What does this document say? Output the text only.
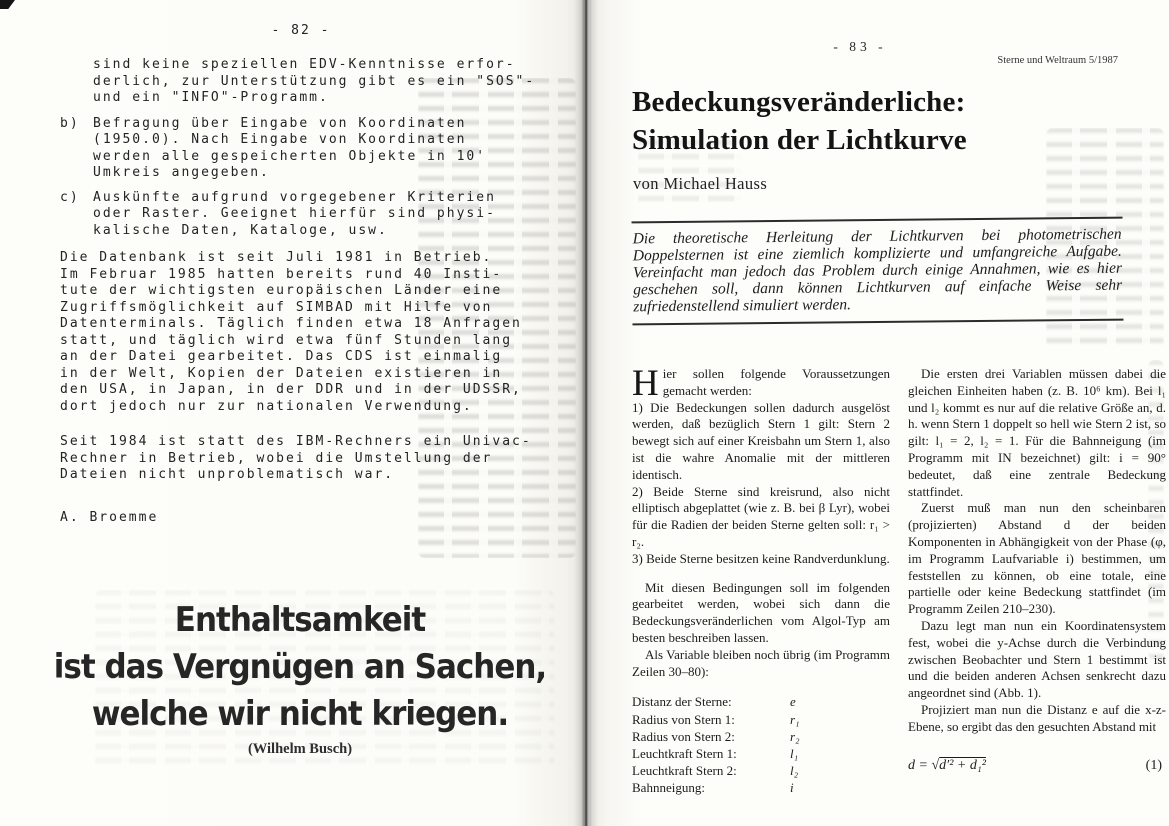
- 82 -
sind keine speziellen EDV-Kenntnisse erfor-
derlich, zur Unterstützung gibt es ein "SOS"-
und ein "INFO"-Programm.
b)	Befragung über Eingabe von Koordinaten
(1950.0). Nach Eingabe von Koordinaten
werden alle gespeicherten Objekte in 10'
Umkreis angegeben.
c)	Auskünfte aufgrund vorgegebener Kriterien
oder Raster. Geeignet hierfür sind physi-
kalische Daten, Kataloge, usw.
Die Datenbank ist seit Juli 1981 in Betrieb.
Im Februar 1985 hatten bereits rund 40 Insti-
tute der wichtigsten europäischen Länder eine
Zugriffsmöglichkeit auf SIMBAD mit Hilfe von
Datenterminals. Täglich finden etwa 18 Anfragen
statt, und täglich wird etwa fünf Stunden lang
an der Datei gearbeitet. Das CDS ist einmalig
in der Welt, Kopien der Dateien existieren in
den USA, in Japan, in der DDR und in der UDSSR,
dort jedoch nur zur nationalen Verwendung.
Seit 1984 ist statt des IBM-Rechners ein Univac-
Rechner in Betrieb, wobei die Umstellung der
Dateien nicht unproblematisch war.
A. Broemme
Enthaltsamkeit
ist das Vergnügen an Sachen,
welche wir nicht kriegen.
(Wilhelm Busch)
- 83 -
Sterne und Weltraum 5/1987
Bedeckungsveränderliche:
Simulation der Lichtkurve
von Michael Hauss
Die theoretische Herleitung der Lichtkurven bei photometrischen Doppelsternen ist eine ziemlich komplizierte und umfangreiche Aufgabe. Vereinfacht man jedoch das Problem durch einige Annahmen, wie es hier geschehen soll, dann können Lichtkurven auf einfache Weise sehr zufriedenstellend simuliert werden.

Hier sollen folgende Voraussetzungen gemacht werden:

1) Die Bedeckungen sollen dadurch ausgelöst werden, daß bezüglich Stern 1 gilt: Stern 2 bewegt sich auf einer Kreisbahn um Stern 1, also ist die wahre Anomalie mit der mittleren identisch.

2) Beide Sterne sind kreisrund, also nicht elliptisch abgeplattet (wie z. B. bei β Lyr), wobei für die Radien der beiden Sterne gelten soll: r₁ > r₂.

3) Beide Sterne besitzen keine Randverdunklung.

Mit diesen Bedingungen soll im folgenden gearbeitet werden, wobei sich dann die Bedeckungsveränderlichen vom Algol-Typ am besten beschreiben lassen.

Als Variable bleiben noch übrig (im Programm Zeilen 30–80):

Distanz der Sterne:	e
Radius von Stern 1:	r₁
Radius von Stern 2:	r₂
Leuchtkraft Stern 1:	l₁
Leuchtkraft Stern 2:	l₂
Bahnneigung:	i

Die ersten drei Variablen müssen dabei die gleichen Einheiten haben (z. B. 10⁶ km). Bei l₁ und l₂ kommt es nur auf die relative Größe an, d. h. wenn Stern 1 doppelt so hell wie Stern 2 ist, so gilt: l₁ = 2, l₂ = 1. Für die Bahnneigung (im Programm mit IN bezeichnet) gilt: i = 90° bedeutet, daß eine zentrale Bedeckung stattfindet.

Zuerst muß man nun den scheinbaren (projizierten) Abstand d der beiden Komponenten in Abhängigkeit von der Phase (φ, im Programm Laufvariable i) bestimmen, um feststellen zu können, ob eine totale, eine partielle oder keine Bedeckung stattfindet (im Programm Zeilen 210–230).

Dazu legt man nun ein Koordinatensystem fest, wobei die y-Achse durch die Verbindung zwischen Beobachter und Stern 1 bestimmt ist und die beiden anderen Achsen senkrecht dazu angeordnet sind (Abb. 1).

Projiziert man nun die Distanz e auf die x-z-Ebene, so ergibt das den gesuchten Abstand mit

d = √d′² + d₁²	(1)
